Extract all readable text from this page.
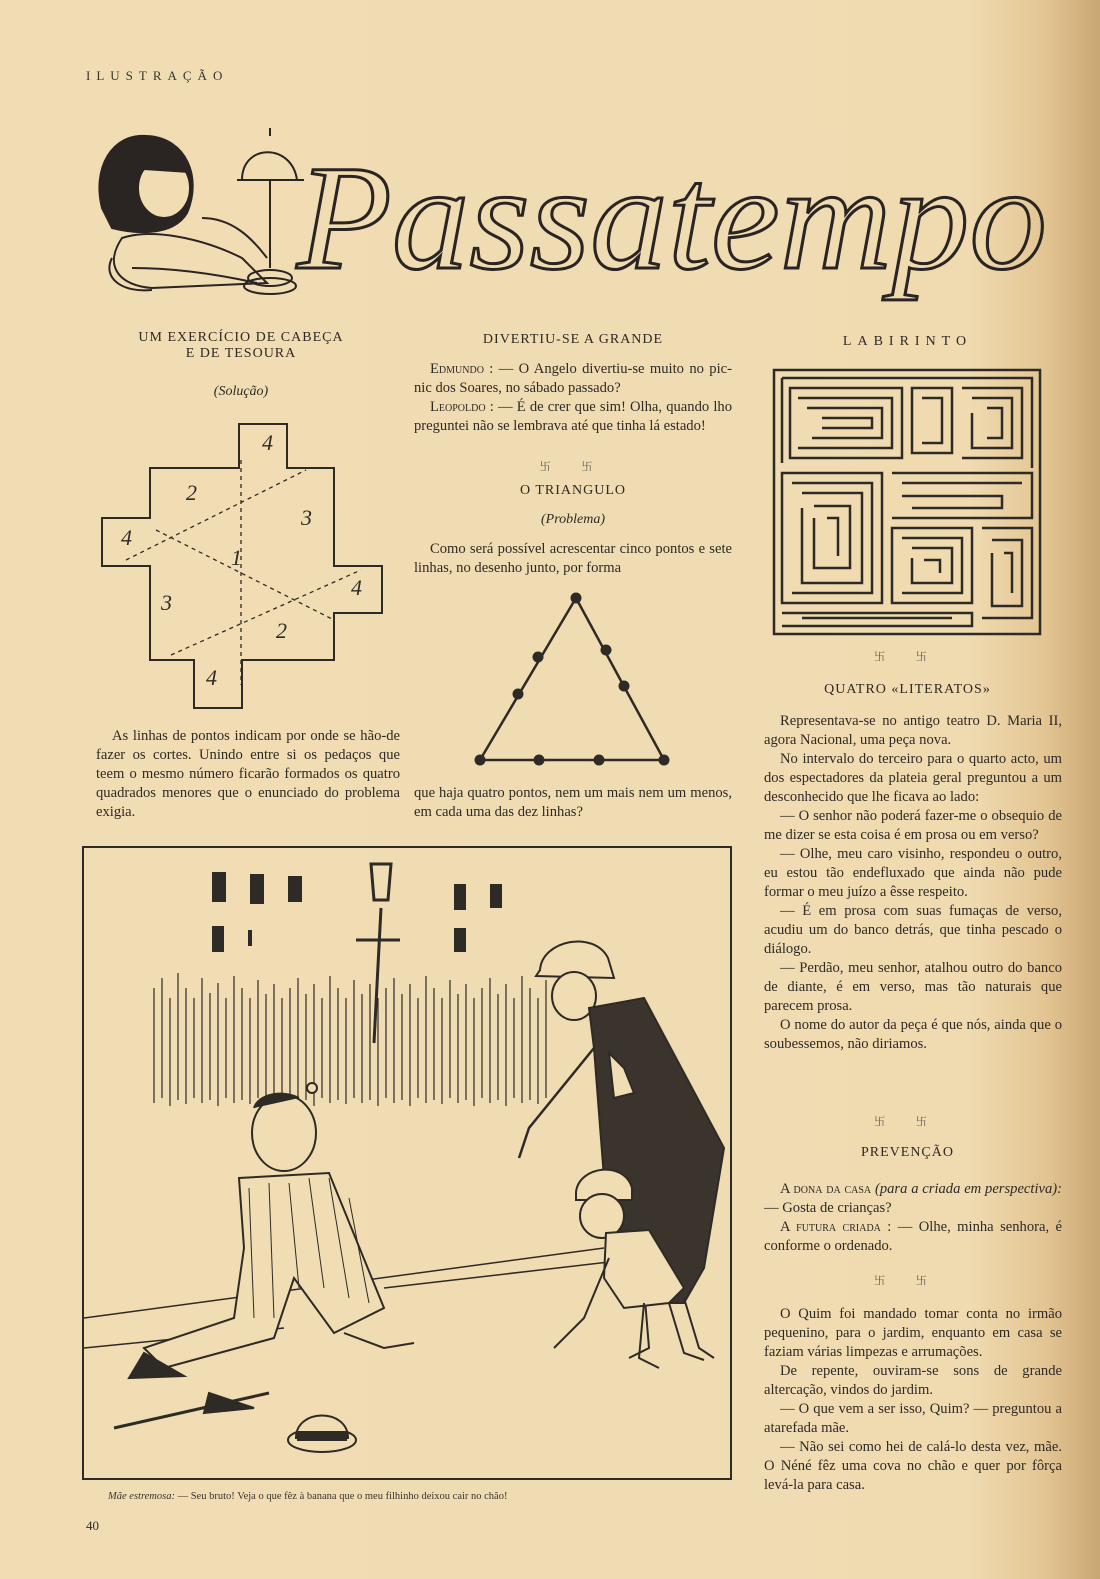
ILUSTRAÇÃO
Passatempo
UM EXERCÍCIO DE CABEÇA
E DE TESOURA
(Solução)
4
2
3
4
1
4
3
2
4

As linhas de pontos indicam por onde se hão-de fazer os cortes. Unindo entre si os pedaços que teem o mesmo número ficarão formados os quatro quadrados menores que o enunciado do problema exigia.

DIVERTIU-SE A GRANDE

Edmundo : — O Angelo divertiu-se muito no pic-nic dos Soares, no sábado passado?

Leopoldo : — É de crer que sim! Olha, quando lho preguntei não se lembrava até que tinha lá estado!

卐 卐
O TRIANGULO
(Problema)

Como será possível acrescentar cinco pontos e sete linhas, no desenho junto, por forma

que haja quatro pontos, nem um mais nem um menos, em cada uma das dez linhas?

LABIRINTO
卐 卐
QUATRO «LITERATOS»

Representava-se no antigo teatro D. Maria II, agora Nacional, uma peça nova.

No intervalo do terceiro para o quarto acto, um dos espectadores da plateia geral preguntou a um desconhecido que lhe ficava ao lado:

— O senhor não poderá fazer-me o obsequio de me dizer se esta coisa é em prosa ou em verso?

— Olhe, meu caro visinho, respondeu o outro, eu estou tão endefluxado que ainda não pude formar o meu juízo a êsse respeito.

— É em prosa com suas fumaças de verso, acudiu um do banco detrás, que tinha pescado o diálogo.

— Perdão, meu senhor, atalhou outro do banco de diante, é em verso, mas tão naturais que parecem prosa.

O nome do autor da peça é que nós, ainda que o soubessemos, não diriamos.

卐 卐
PREVENÇÃO

A dona da casa (para a criada em perspectiva): — Gosta de crianças?

A futura criada : — Olhe, minha senhora, é conforme o ordenado.

卐 卐

O Quim foi mandado tomar conta no irmão pequenino, para o jardim, enquanto em casa se faziam várias limpezas e arrumações.

De repente, ouviram-se sons de grande altercação, vindos do jardim.

— O que vem a ser isso, Quim? — preguntou a atarefada mãe.

— Não sei como hei de calá-lo desta vez, mãe. O Néné fêz uma cova no chão e quer por fôrça levá-la para casa.

Mãe estremosa: — Seu bruto! Veja o que fêz à banana que o meu filhinho deixou cair no chão!
40
